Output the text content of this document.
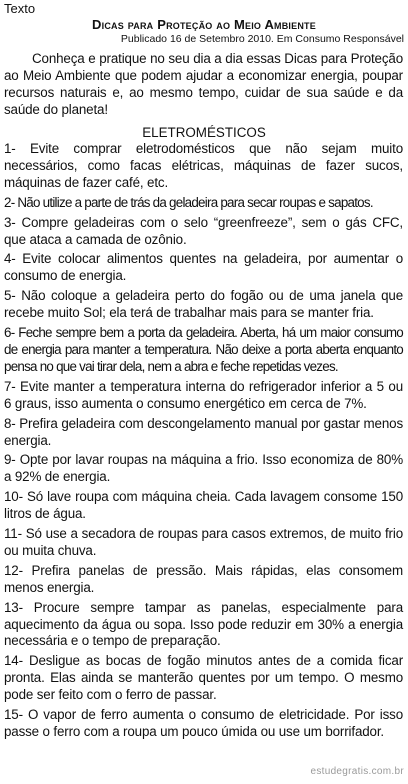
Texto
Dicas para Proteção ao Meio Ambiente
Publicado 16 de Setembro 2010. Em Consumo Responsável
Conheça e pratique no seu dia a dia essas Dicas para Proteção ao Meio Ambiente que podem ajudar a economizar energia, poupar recursos naturais e, ao mesmo tempo, cuidar de sua saúde e da saúde do planeta!
ELETROMÉSTICOS
1- Evite comprar eletrodomésticos que não sejam muito necessários, como facas elétricas, máquinas de fazer sucos, máquinas de fazer café, etc.
2- Não utilize a parte de trás da geladeira para secar roupas e sapatos.
3- Compre geladeiras com o selo “greenfreeze”, sem o gás CFC, que ataca a camada de ozônio.
4- Evite colocar alimentos quentes na geladeira, por aumentar o consumo de energia.
5- Não coloque a geladeira perto do fogão ou de uma janela que recebe muito Sol; ela terá de trabalhar mais para se manter fria.
6- Feche sempre bem a porta da geladeira. Aberta, há um maior consumo de energia para manter a temperatura. Não deixe a porta aberta enquanto pensa no que vai tirar dela, nem a abra e feche repetidas vezes.
7- Evite manter a temperatura interna do refrigerador inferior a 5 ou 6 graus, isso aumenta o consumo energético em cerca de 7%.
8- Prefira geladeira com descongelamento manual por gastar menos energia.
9- Opte por lavar roupas na máquina a frio. Isso economiza de 80% a 92% de energia.
10- Só lave roupa com máquina cheia. Cada lavagem consome 150 litros de água.
11- Só use a secadora de roupas para casos extremos, de muito frio ou muita chuva.
12- Prefira panelas de pressão. Mais rápidas, elas consomem menos energia.
13- Procure sempre tampar as panelas, especialmente para aquecimento da água ou sopa. Isso pode reduzir em 30% a energia necessária e o tempo de preparação.
14- Desligue as bocas de fogão minutos antes de a comida ficar pronta. Elas ainda se manterão quentes por um tempo. O mesmo pode ser feito com o ferro de passar.
15- O vapor de ferro aumenta o consumo de eletricidade. Por isso passe o ferro com a roupa um pouco úmida ou use um borrifador.
estudegratis.com.br
